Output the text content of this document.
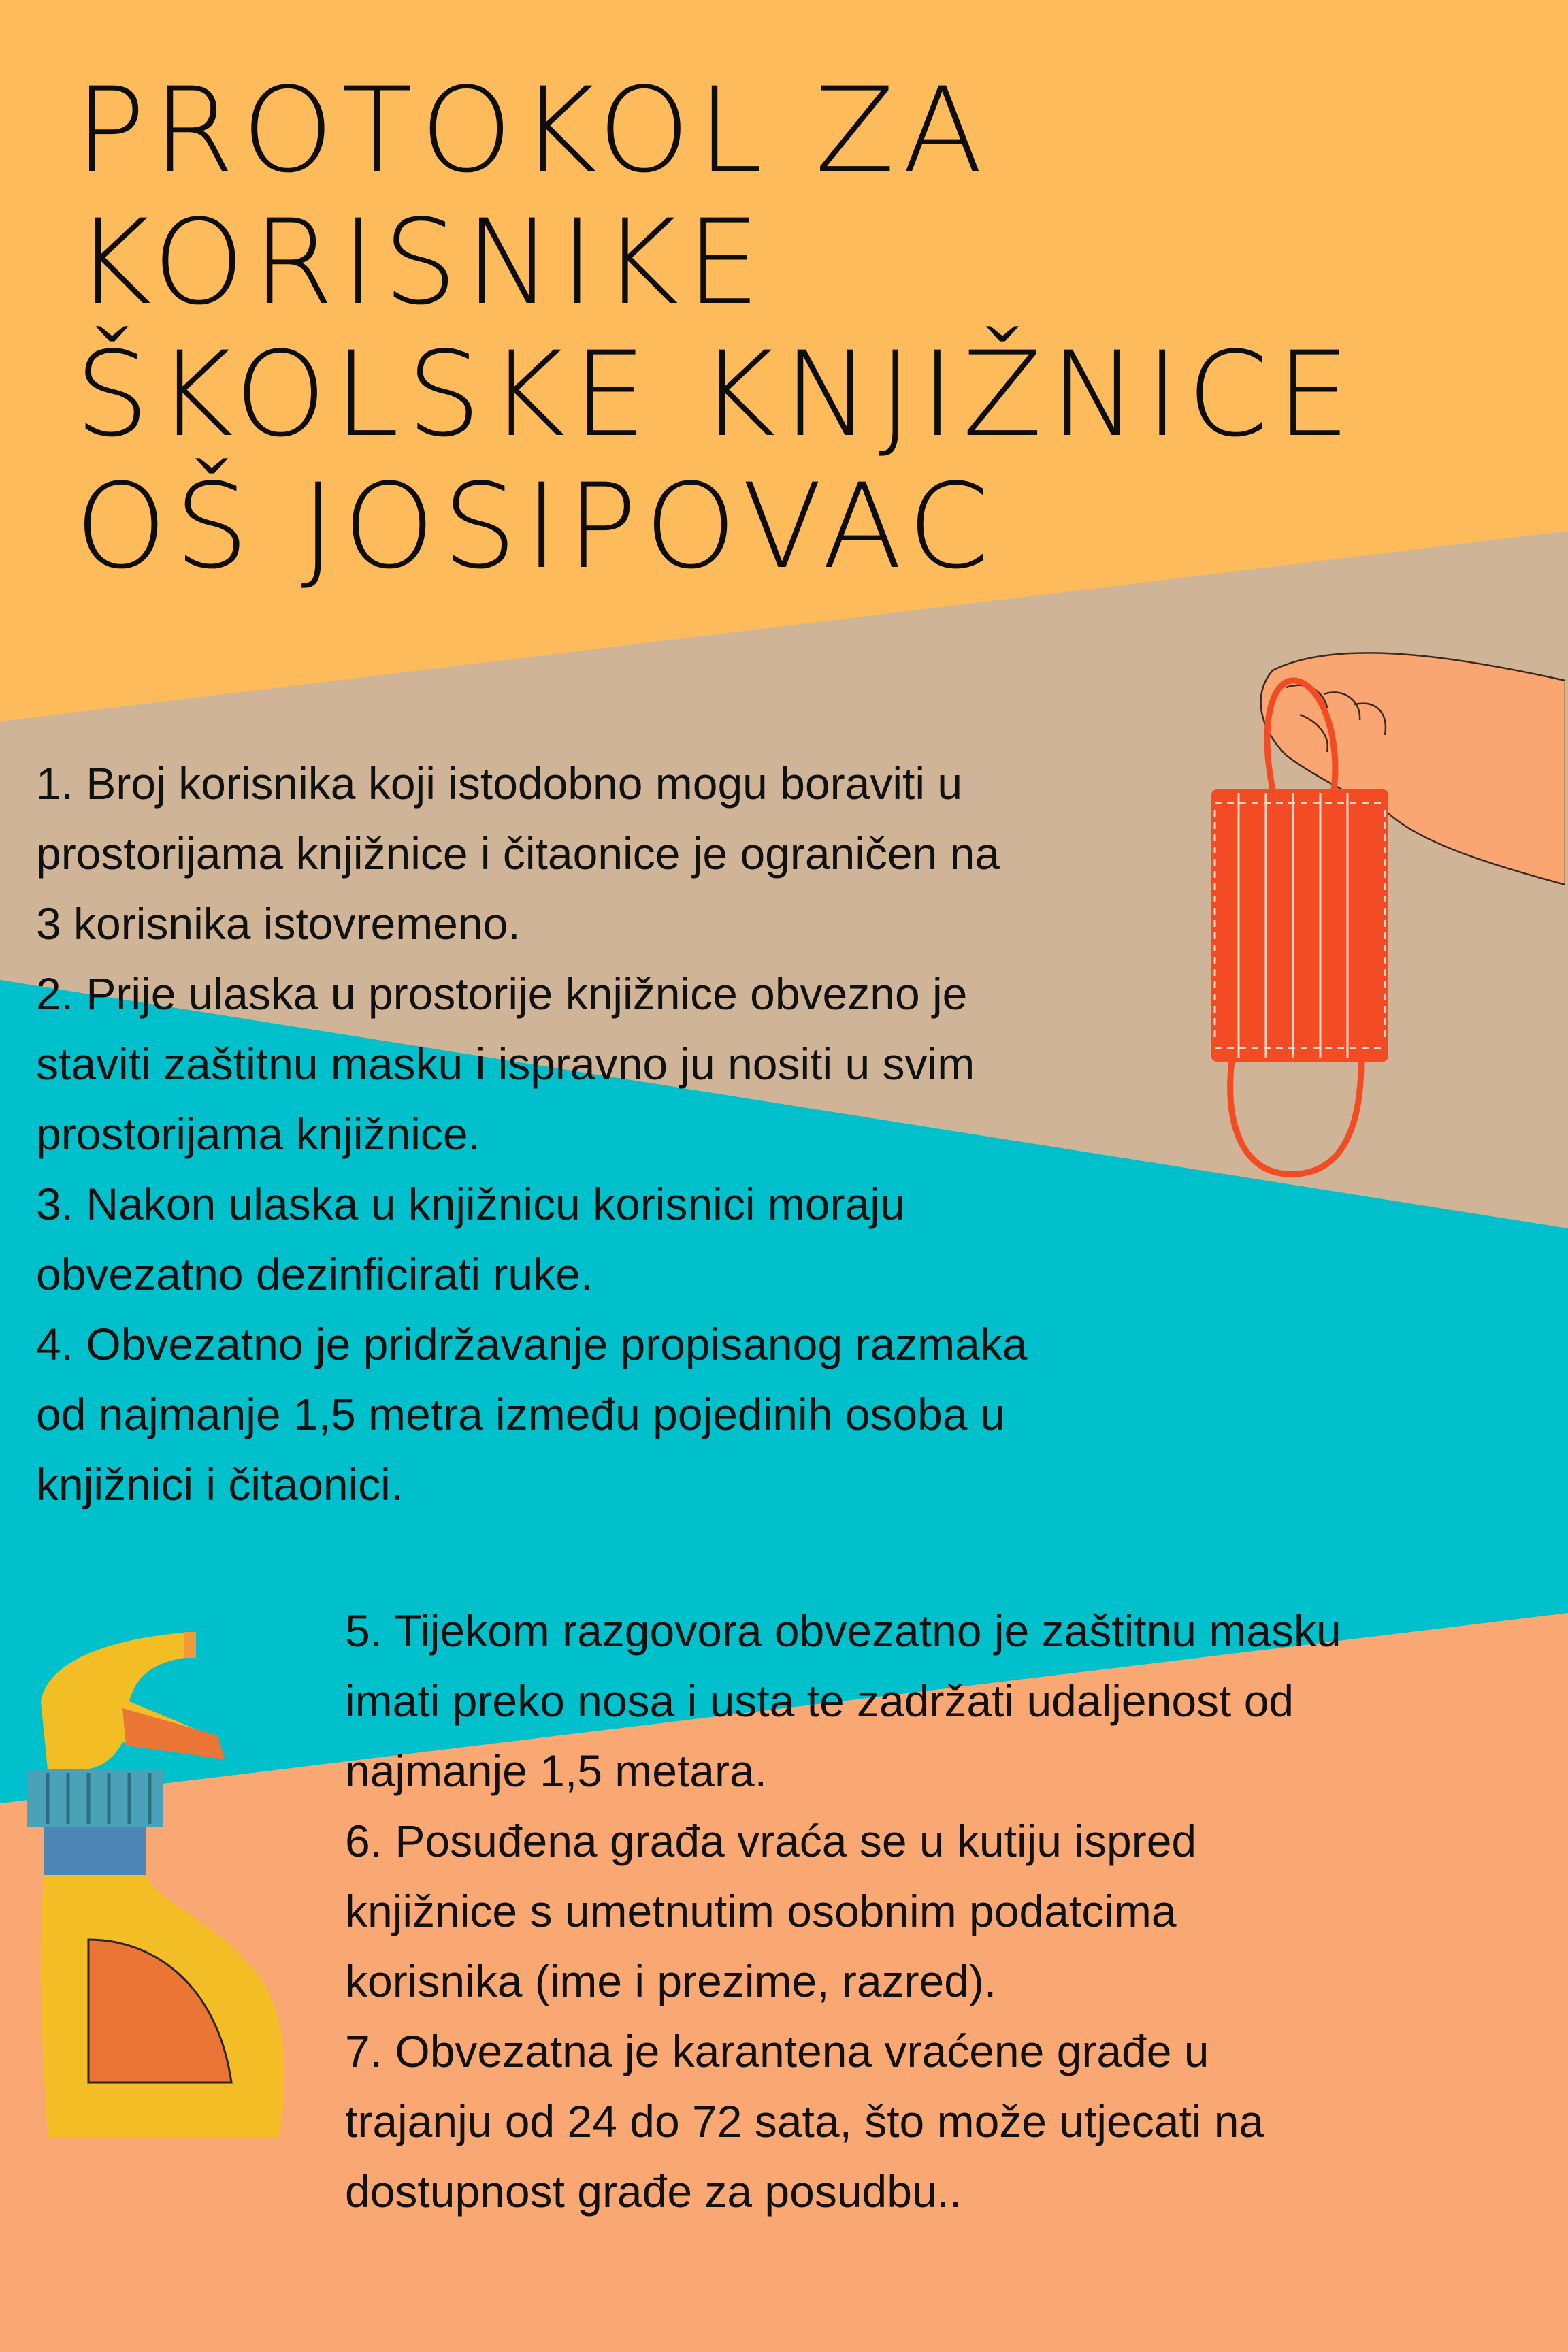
PROTOKOL ZA
KORISNIKE
ŠKOLSKE KNJIŽNICE
OŠ JOSIPOVAC
1. Broj korisnika koji istodobno mogu boraviti u
prostorijama knjižnice i čitaonice je ograničen na
3 korisnika istovremeno.
2. Prije ulaska u prostorije knjižnice obvezno je
staviti zaštitnu masku i ispravno ju nositi u svim
prostorijama knjižnice.
3. Nakon ulaska u knjižnicu korisnici moraju
obvezatno dezinficirati ruke.
4. Obvezatno je pridržavanje propisanog razmaka
od najmanje 1,5 metra između pojedinih osoba u
knjižnici i čitaonici.
5. Tijekom razgovora obvezatno je zaštitnu masku
imati preko nosa i usta te zadržati udaljenost od
najmanje 1,5 metara.
6. Posuđena građa vraća se u kutiju ispred
knjižnice s umetnutim osobnim podatcima
korisnika (ime i prezime, razred).
7. Obvezatna je karantena vraćene građe u
trajanju od 24 do 72 sata, što može utjecati na
dostupnost građe za posudbu..
